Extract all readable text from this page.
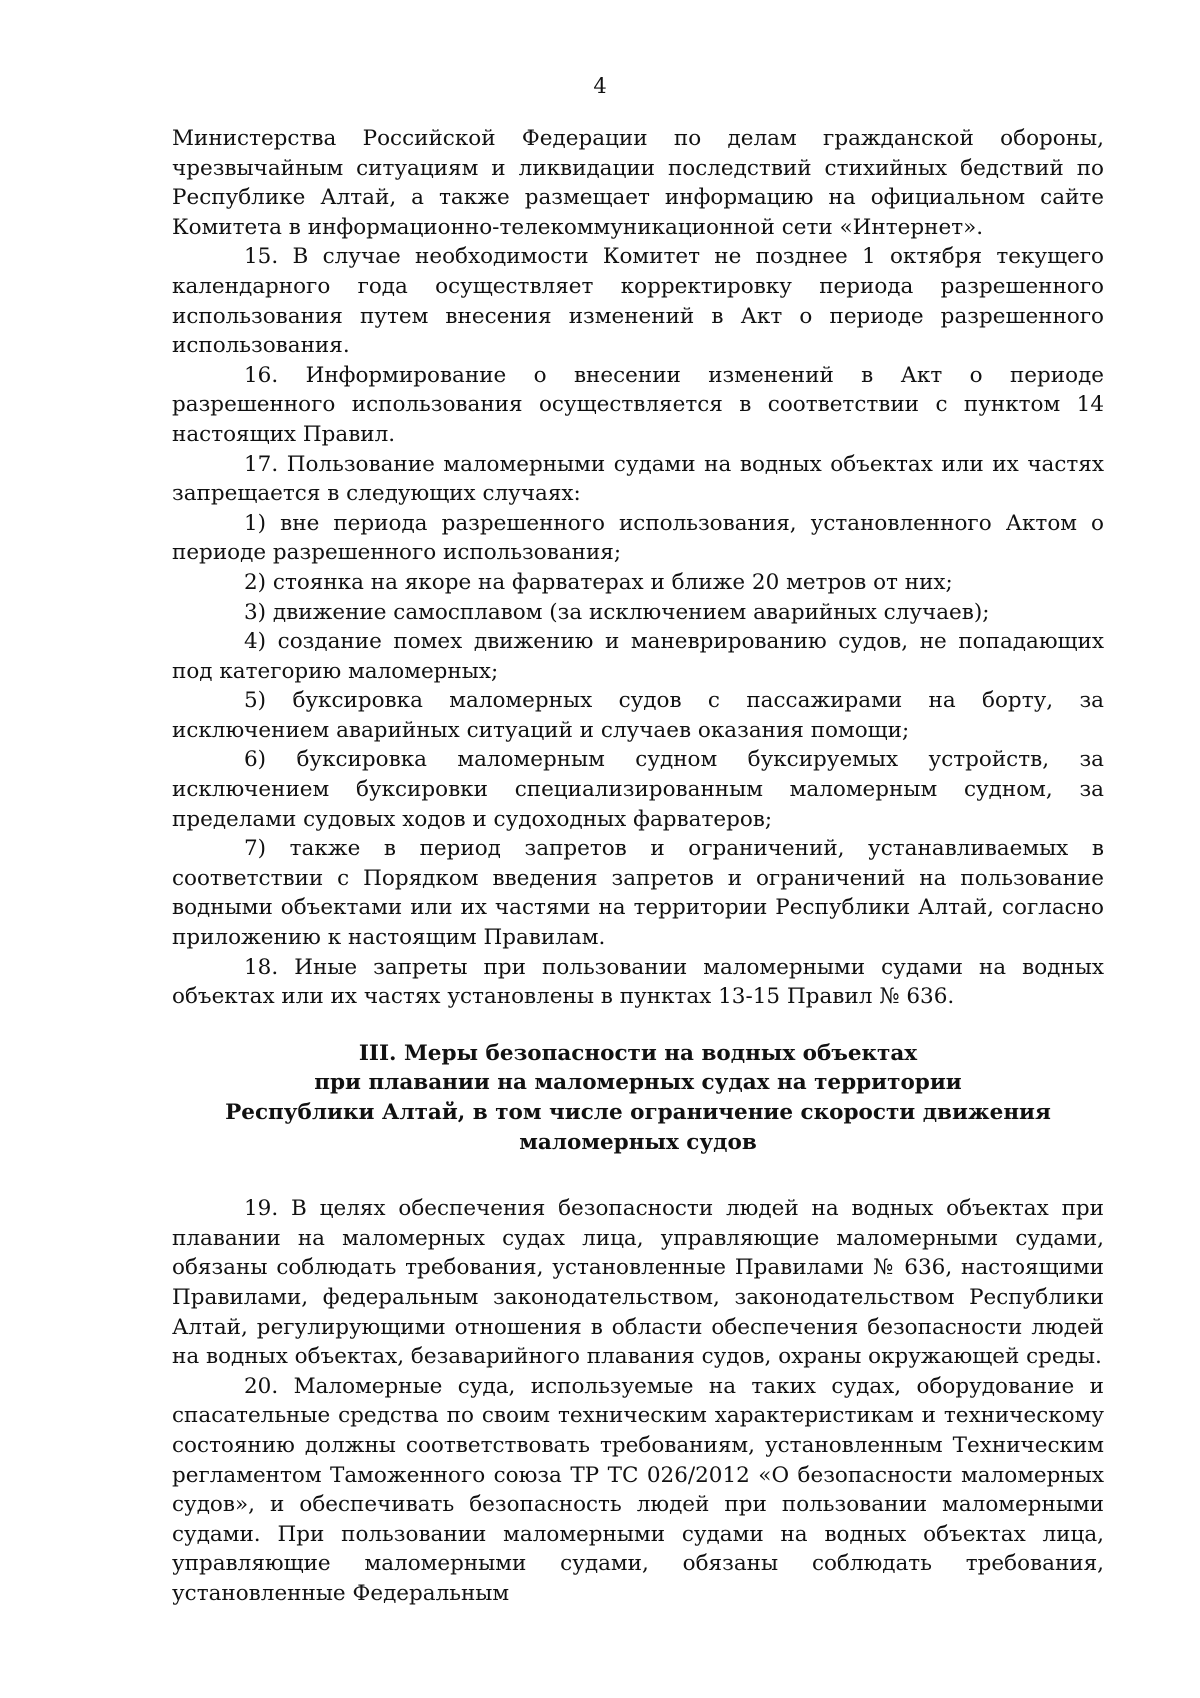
4

Министерства Российской Федерации по делам гражданской обороны, чрезвычайным ситуациям и ликвидации последствий стихийных бедствий по Республике Алтай, а также размещает информацию на официальном сайте Комитета в информационно-телекоммуникационной сети «Интернет».

15. В случае необходимости Комитет не позднее 1 октября текущего календарного года осуществляет корректировку периода разрешенного использования путем внесения изменений в Акт о периоде разрешенного использования.

16. Информирование о внесении изменений в Акт о периоде разрешенного использования осуществляется в соответствии с пунктом 14 настоящих Правил.

17. Пользование маломерными судами на водных объектах или их частях запрещается в следующих случаях:

1) вне периода разрешенного использования, установленного Актом о периоде разрешенного использования;

2) стоянка на якоре на фарватерах и ближе 20 метров от них;

3) движение самосплавом (за исключением аварийных случаев);

4) создание помех движению и маневрированию судов, не попадающих под категорию маломерных;

5) буксировка маломерных судов с пассажирами на борту, за исключением аварийных ситуаций и случаев оказания помощи;

6) буксировка маломерным судном буксируемых устройств, за исключением буксировки специализированным маломерным судном, за пределами судовых ходов и судоходных фарватеров;

7) также в период запретов и ограничений, устанавливаемых в соответствии с Порядком введения запретов и ограничений на пользование водными объектами или их частями на территории Республики Алтай, согласно приложению к настоящим Правилам.

18. Иные запреты при пользовании маломерными судами на водных объектах или их частях установлены в пунктах 13-15 Правил № 636.

III. Меры безопасности на водных объектах
при плавании на маломерных судах на территории
Республики Алтай, в том числе ограничение скорости движения
маломерных судов

19. В целях обеспечения безопасности людей на водных объектах при плавании на маломерных судах лица, управляющие маломерными судами, обязаны соблюдать требования, установленные Правилами № 636, настоящими Правилами, федеральным законодательством, законодательством Республики Алтай, регулирующими отношения в области обеспечения безопасности людей на водных объектах, безаварийного плавания судов, охраны окружающей среды.

20. Маломерные суда, используемые на таких судах, оборудование и спасательные средства по своим техническим характеристикам и техническому состоянию должны соответствовать требованиям, установленным Техническим регламентом Таможенного союза ТР ТС 026/2012 «О безопасности маломерных судов», и обеспечивать безопасность людей при пользовании маломерными судами. При пользовании маломерными судами на водных объектах лица, управляющие маломерными судами, обязаны соблюдать требования, установленные Федеральным
